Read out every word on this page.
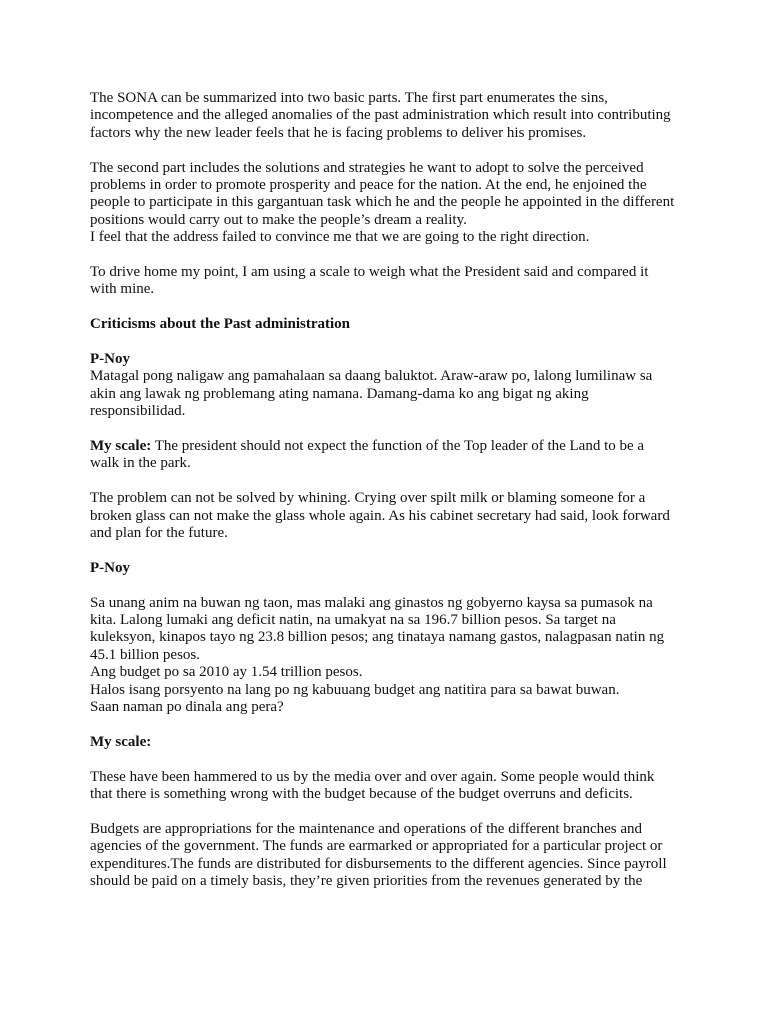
The SONA can be summarized into two basic parts. The first part enumerates the sins,
incompetence and the alleged anomalies of the past administration which result into contributing
factors why the new leader feels that he is facing problems to deliver his promises.
The second part includes the solutions and strategies he want to adopt to solve the perceived
problems in order to promote prosperity and peace for the nation. At the end, he enjoined the
people to participate in this gargantuan task which he and the people he appointed in the different
positions would carry out to make the people’s dream a reality.
I feel that the address failed to convince me that we are going to the right direction.
To drive home my point, I am using a scale to weigh what the President said and compared it
with mine.
Criticisms about the Past administration
P-Noy
Matagal pong naligaw ang pamahalaan sa daang baluktot. Araw-araw po, lalong lumilinaw sa
akin ang lawak ng problemang ating namana. Damang-dama ko ang bigat ng aking
responsibilidad.
My scale: The president should not expect the function of the Top leader of the Land to be a
walk in the park.
The problem can not be solved by whining. Crying over spilt milk or blaming someone for a
broken glass can not make the glass whole again. As his cabinet secretary had said, look forward
and plan for the future.
P-Noy
Sa unang anim na buwan ng taon, mas malaki ang ginastos ng gobyerno kaysa sa pumasok na
kita. Lalong lumaki ang deficit natin, na umakyat na sa 196.7 billion pesos. Sa target na
kuleksyon, kinapos tayo ng 23.8 billion pesos; ang tinataya namang gastos, nalagpasan natin ng
45.1 billion pesos.
Ang budget po sa 2010 ay 1.54 trillion pesos.
Halos isang porsyento na lang po ng kabuuang budget ang natitira para sa bawat buwan.
Saan naman po dinala ang pera?
My scale:
These have been hammered to us by the media over and over again. Some people would think
that there is something wrong with the budget because of the budget overruns and deficits.
Budgets are appropriations for the maintenance and operations of the different branches and
agencies of the government. The funds are earmarked or appropriated for a particular project or
expenditures.The funds are distributed for disbursements to the different agencies. Since payroll
should be paid on a timely basis, they’re given priorities from the revenues generated by the
